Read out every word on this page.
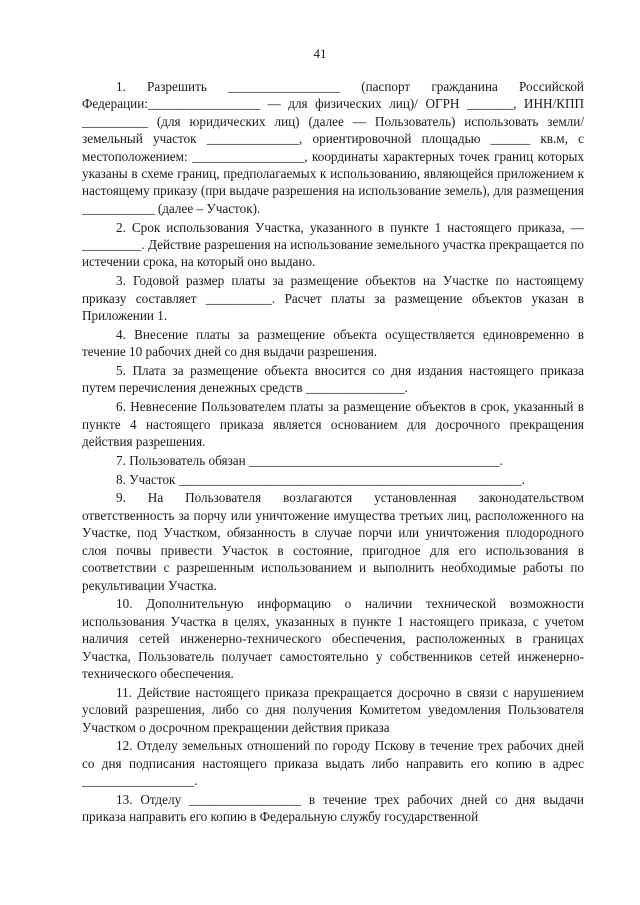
41

1. Разрешить _________________ (паспорт гражданина Российской Федерации:_________________ — для физических лиц)/ ОГРН _______, ИНН/КПП __________ (для юридических лиц) (далее — Пользователь) использовать земли/земельный участок ______________, ориентировочной площадью ______ кв.м, с местоположением: _________________, координаты характерных точек границ которых указаны в схеме границ, предполагаемых к использованию, являющейся приложением к настоящему приказу (при выдаче разрешения на использование земель), для размещения ___________ (далее – Участок).

2. Срок использования Участка, указанного в пункте 1 настоящего приказа, — _________. Действие разрешения на использование земельного участка прекращается по истечении срока, на который оно выдано.

3. Годовой размер платы за размещение объектов на Участке по настоящему приказу составляет __________. Расчет платы за размещение объектов указан в Приложении 1.

4. Внесение платы за размещение объекта осуществляется единовременно в течение 10 рабочих дней со дня выдачи разрешения.

5. Плата за размещение объекта вносится со дня издания настоящего приказа путем перечисления денежных средств _______________.

6. Невнесение Пользователем платы за размещение объектов в срок, указанный в пункте 4 настоящего приказа является основанием для досрочного прекращения действия разрешения.

7. Пользователь обязан ______________________________________.

8. Участок ____________________________________________________.

9. На Пользователя возлагаются установленная законодательством ответственность за порчу или уничтожение имущества третьих лиц, расположенного на Участке, под Участком, обязанность в случае порчи или уничтожения плодородного слоя почвы привести Участок в состояние, пригодное для его использования в соответствии с разрешенным использованием и выполнить необходимые работы по рекультивации Участка.

10. Дополнительную информацию о наличии технической возможности использования Участка в целях, указанных в пункте 1 настоящего приказа, с учетом наличия сетей инженерно-технического обеспечения, расположенных в границах Участка, Пользователь получает самостоятельно у собственников сетей инженерно-технического обеспечения.

11. Действие настоящего приказа прекращается досрочно в связи с нарушением условий разрешения, либо со дня получения Комитетом уведомления Пользователя Участком о досрочном прекращении действия приказа

12. Отделу земельных отношений по городу Пскову в течение трех рабочих дней со дня подписания настоящего приказа выдать либо направить его копию в адрес _________________.

13. Отделу _________________ в течение трех рабочих дней со дня выдачи приказа направить его копию в Федеральную службу государственной
